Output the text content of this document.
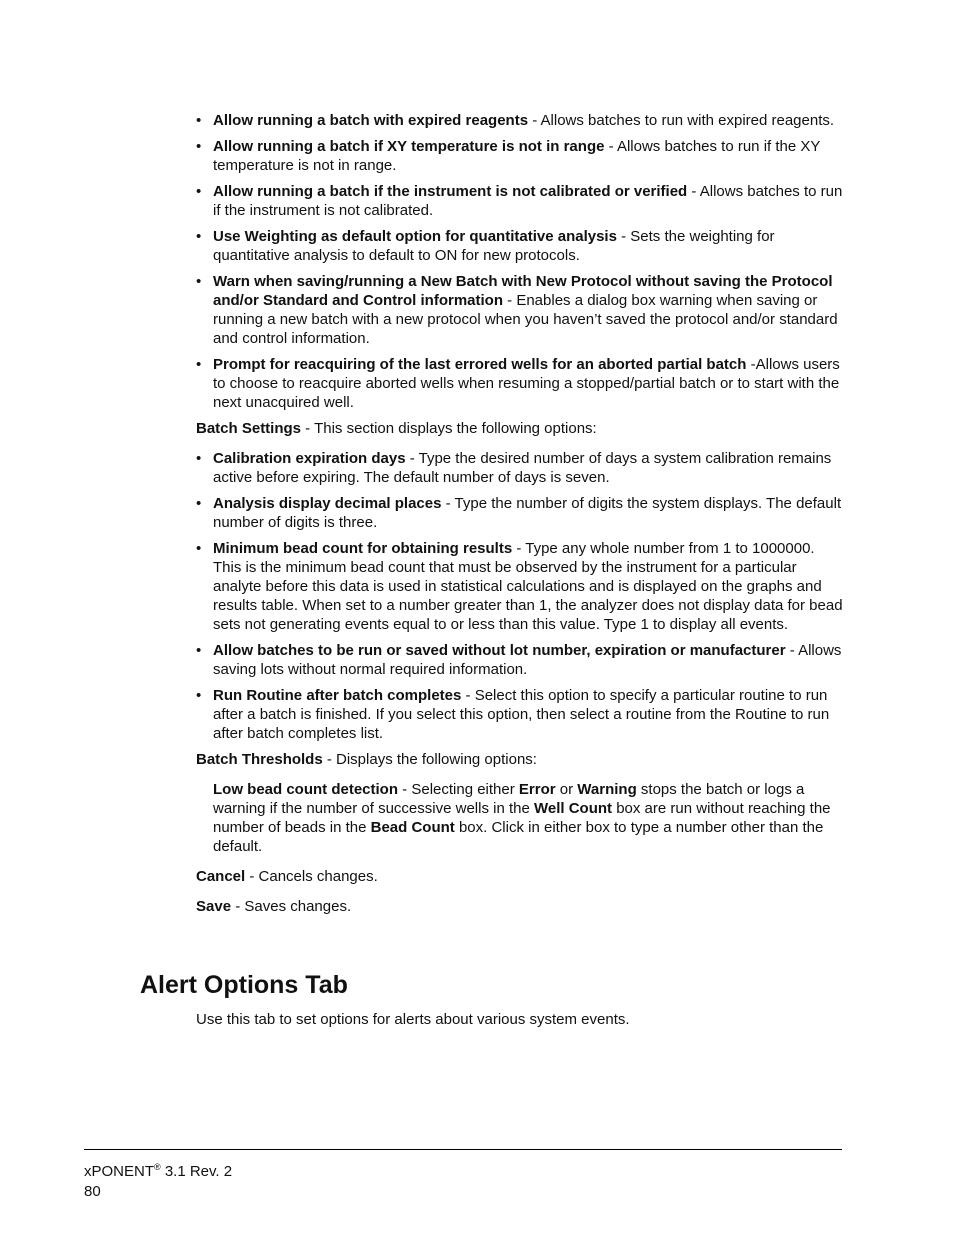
• Allow running a batch with expired reagents - Allows batches to run with expired reagents.
• Allow running a batch if XY temperature is not in range - Allows batches to run if the XY temperature is not in range.
• Allow running a batch if the instrument is not calibrated or verified - Allows batches to run if the instrument is not calibrated.
• Use Weighting as default option for quantitative analysis - Sets the weighting for quantitative analysis to default to ON for new protocols.
• Warn when saving/running a New Batch with New Protocol without saving the Protocol and/or Standard and Control information - Enables a dialog box warning when saving or running a new batch with a new protocol when you haven’t saved the protocol and/or standard and control information.
• Prompt for reacquiring of the last errored wells for an aborted partial batch -Allows users to choose to reacquire aborted wells when resuming a stopped/partial batch or to start with the next unacquired well.

Batch Settings - This section displays the following options:

• Calibration expiration days - Type the desired number of days a system calibration remains active before expiring. The default number of days is seven.
• Analysis display decimal places - Type the number of digits the system displays. The default number of digits is three.
• Minimum bead count for obtaining results - Type any whole number from 1 to 1000000. This is the minimum bead count that must be observed by the instrument for a particular analyte before this data is used in statistical calculations and is displayed on the graphs and results table. When set to a number greater than 1, the analyzer does not display data for bead sets not generating events equal to or less than this value. Type 1 to display all events.
• Allow batches to be run or saved without lot number, expiration or manufacturer - Allows saving lots without normal required information.
• Run Routine after batch completes - Select this option to specify a particular routine to run after a batch is finished. If you select this option, then select a routine from the Routine to run after batch completes list.

Batch Thresholds - Displays the following options:

Low bead count detection - Selecting either Error or Warning stops the batch or logs a warning if the number of successive wells in the Well Count box are run without reaching the number of beads in the Bead Count box. Click in either box to type a number other than the default.

Cancel - Cancels changes.

Save - Saves changes.

Alert Options Tab

Use this tab to set options for alerts about various system events.

xPONENT® 3.1 Rev. 2
80
